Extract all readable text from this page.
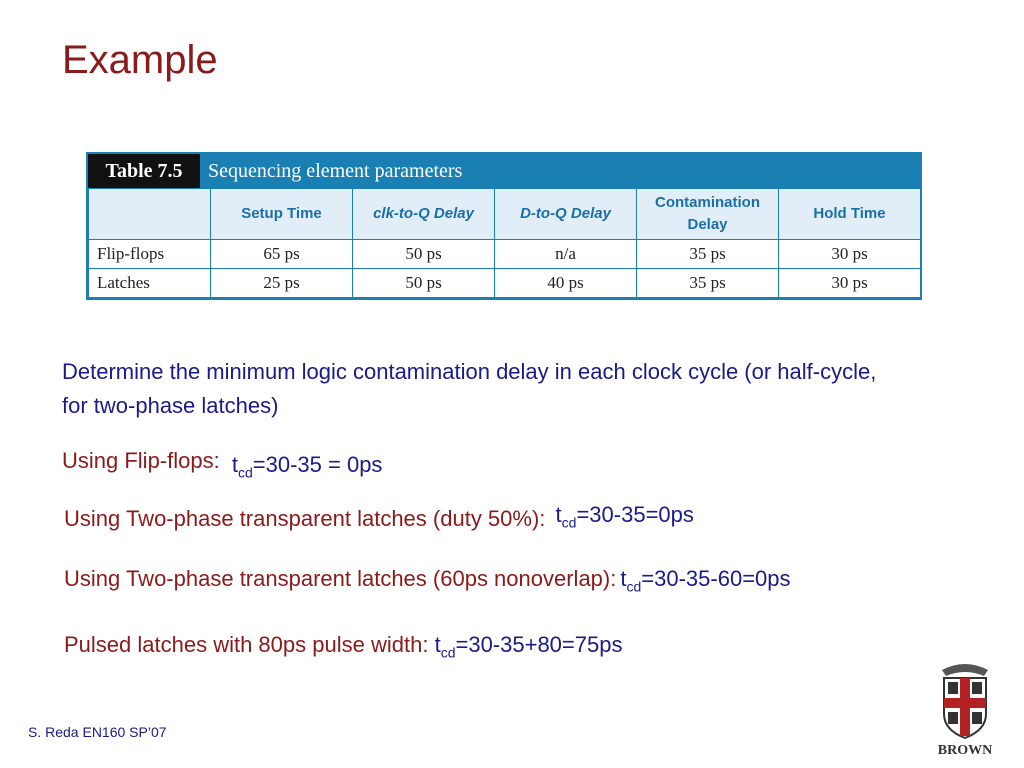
Example
Table 7.5	Sequencing element parameters
	Setup Time	clk-to-Q Delay	D-to-Q Delay	Contamination Delay	Hold Time
Flip-flops	65 ps	50 ps	n/a	35 ps	30 ps
Latches	25 ps	50 ps	40 ps	35 ps	30 ps
Determine the minimum logic contamination delay in each clock cycle (or half-cycle, for two-phase latches)
Using Flip-flops: $t_{cd}=30-35 = 0ps$
Using Two-phase transparent latches (duty 50%): $t_{cd}=30-35=0ps$
Using Two-phase transparent latches (60ps nonoverlap): $t_{cd}=30-35-60=0ps$
Pulsed latches with 80ps pulse width: $t_{cd}=30-35+80=75ps$
S. Reda EN160 SP’07
BROWN
